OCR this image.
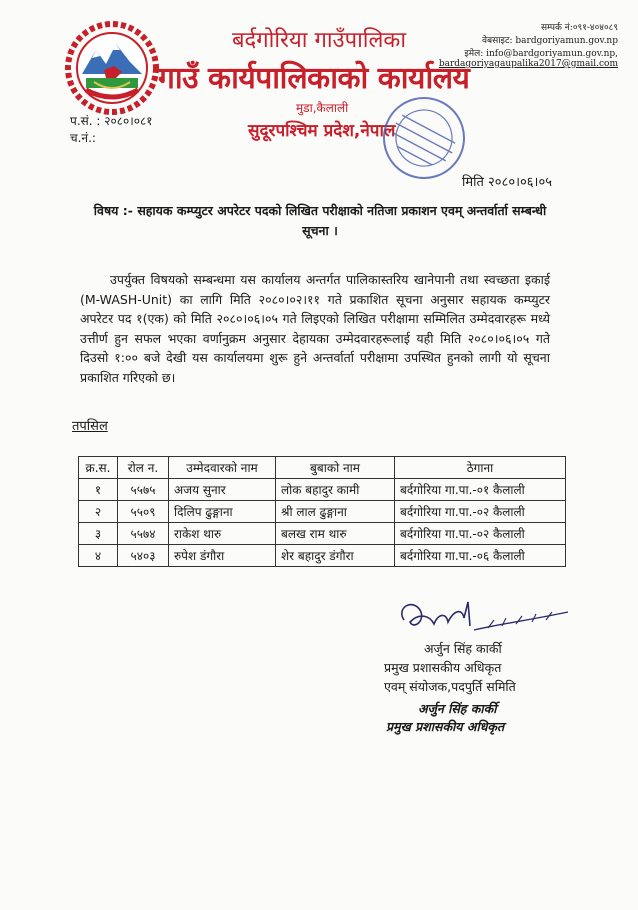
बर्दगोरिया गाउँपालिका
गाउँ कार्यपालिकाको कार्यालय
मुडा,कैलाली
सुदूरपश्चिम प्रदेश,नेपाल
सम्पर्क नं:०९१-४०४०८९
वेबसाइट: bardgoriyamun.gov.np
इमेल: info@bardgoriyamun.gov.np,
bardagoriyagaupalika2017@gmail.com
प.सं. : २०८०।०८१
च.नं.:
मिति २०८०।०६।०५
विषय :- सहायक कम्प्युटर अपरेटर पदको लिखित परीक्षाको नतिजा प्रकाशन एवम् अन्तर्वार्ता सम्बन्धी सूचना ।
उपर्युक्त विषयको सम्बन्धमा यस कार्यालय अन्तर्गत पालिकास्तरिय खानेपानी तथा स्वच्छता इकाई (M-WASH-Unit) का लागि मिति २०८०।०२।११ गते प्रकाशित सूचना अनुसार सहायक कम्प्युटर अपरेटर पद १(एक) को मिति २०८०।०६।०५ गते लिइएको लिखित परीक्षामा सम्मिलित उम्मेदवारहरू मध्ये उत्तीर्ण हुन सफल भएका वर्णानुक्रम अनुसार देहायका उम्मेदवारहरूलाई यही मिति २०८०।०६।०५ गते दिउसो १:०० बजे देखी यस कार्यालयमा शुरू हुने अन्तर्वार्ता परीक्षामा उपस्थित हुनको लागी यो सूचना प्रकाशित गरिएको छ।
तपसिल
क्र.स.	रोल न.	उम्मेदवारको नाम	बुबाको नाम	ठेगाना
१	५५७५	अजय सुनार	लोक बहादुर कामी	बर्दगोरिया गा.पा.-०१ कैलाली
२	५५०९	दिलिप ढुङ्गाना	श्री लाल ढुङ्गाना	बर्दगोरिया गा.पा.-०२ कैलाली
३	५५७४	राकेश थारु	बलख राम थारु	बर्दगोरिया गा.पा.-०२ कैलाली
४	५४०३	रुपेश डंगौरा	शेर बहादुर डंगौरा	बर्दगोरिया गा.पा.-०६ कैलाली
अर्जुन सिंह कार्की
प्रमुख प्रशासकीय अधिकृत
एवम् संयोजक,पदपुर्ति समिति
अर्जुन सिंह कार्की
प्रमुख प्रशासकीय अधिकृत
